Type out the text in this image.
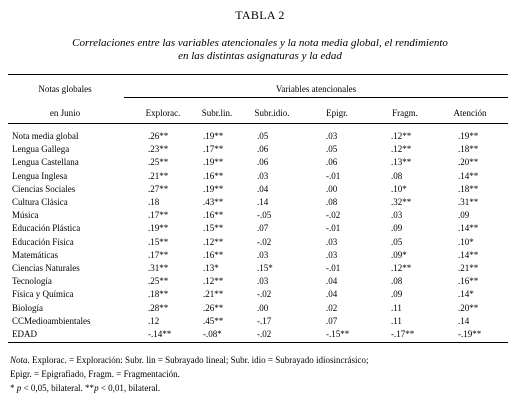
TABLA 2
Correlaciones entre las variables atencionales y la nota media global, el rendimiento
en las distintas asignaturas y la edad
Notas globales
en Junio
Variables atencionales
Explorac.	Subr.lin.	Subr.idio.	Epigr.	Fragm.	Atención
Nota media global	.26**	.19**	.05	.03	.12**	.19**
Lengua Gallega	.23**	.17**	.06	.05	.12**	.18**
Lengua Castellana	.25**	.19**	.06	.06	.13**	.20**
Lengua Inglesa	.21**	.16**	.03	-.01	.08	.14**
Ciencias Sociales	.27**	.19**	.04	.00	.10*	.18**
Cultura Clásica	.18	.43**	.14	.08	.32**	.31**
Música	.17**	.16**	-.05	-.02	.03	.09
Educación Plástica	.19**	.15**	.07	-.01	.09	.14**
Educación Física	.15**	.12**	-.02	.03	.05	.10*
Matemáticas	.17**	.16**	.03	.03	.09*	.14**
Ciencias Naturales	.31**	.13*	.15*	-.01	.12**	.21**
Tecnología	.25**	.12**	.03	.04	.08	.16**
Física y Química	.18**	.21**	-.02	.04	.09	.14*
Biología	.28**	.26**	.00	.02	.11	.20**
CCMedioambientales	.12	.45**	-.17	.07	.11	.14
EDAD	-.14**	-.08*	-.02	-.15**	-.17**	-.19**
Nota. Explorac. = Exploración: Subr. lin = Subrayado lineal; Subr. idio = Subrayado idiosincrásico;
Epigr. = Epigrafiado, Fragm. = Fragmentación.
* p < 0,05, bilateral. **p < 0,01, bilateral.
